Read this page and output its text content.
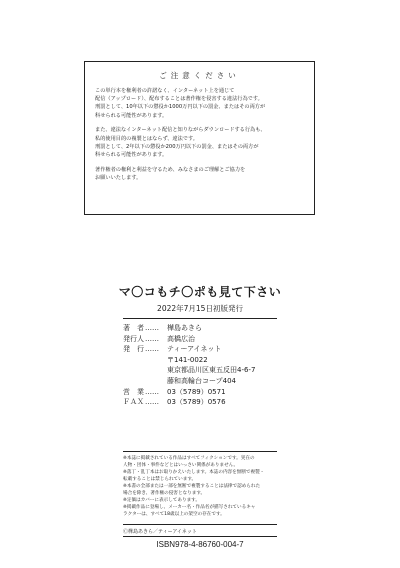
ご注意ください
この単行本を権利者の許諾なく、インターネット上を通じて
配信（アップロード）、配布することは著作権を侵害する違法行為です。
刑罰として、10年以下の懲役か1000万円以下の罰金、またはその両方が
科せられる可能性があります。
また、違法なインターネット配信と知りながらダウンロードする行為も、
私的使用目的の複製とはならず、違法です。
刑罰として、2年以下の懲役か200万円以下の罰金、またはその両方が
科せられる可能性があります。
著作権者の権利と利益を守るため、みなさまのご理解とご協力を
お願いいたします。
マ〇コもチ〇ポも見て下さい
2022年7月15日初版発行
著　者 ……	樺島あきら
発行人 ……	高橋広治
発　行 ……	ティーアイネット
〒141-0022
東京都品川区東五反田4-6-7
藤和高輪台コープ404
営　業 ……	03（5789）0571
ＦＡＸ ……	03（5789）0576

※本誌に掲載されている作品はすべてフィクションです。実在の

人物・団体・事件などとはいっさい関係がありません。

※落丁・乱丁本はお取りかえいたします。本誌の内容を無断で複製・

転載することは禁じられています。

※本書の全部または一部を無断で複製することは法律で認められた

場合を除き、著作権の侵害となります。

※定価はカバーに表示してあります。

※掲載作品に登場し、メーカー名・作品名が描写されているキャ

ラクターは、すべて18歳以上の架空の存在です。

Ⓒ樺島あきら／ティーアイネット
ISBN978-4-86760-004-7
